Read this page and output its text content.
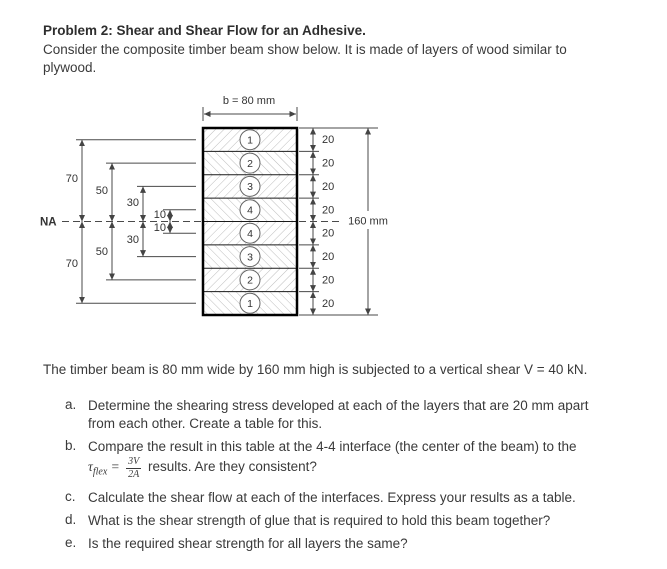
Problem 2: Shear and Shear Flow for an Adhesive.
Consider the composite timber beam show below. It is made of layers of wood similar to plywood.
1
2
3
4
4
3
2
1
b = 80 mm
20
20
20
20
20
20
20
20
160 mm
NA
70
50
30
10
10
30
50
70
The timber beam is 80 mm wide by 160 mm high is subjected to a vertical shear V = 40 kN.
a. Determine the shearing stress developed at each of the layers that are 20 mm apart from each other. Create a table for this.
b. Compare the result in this table at the 4-4 interface (the center of the beam) to the
$\tau_{flex} = \frac{3V}{2A}$ results. Are they consistent?
c. Calculate the shear flow at each of the interfaces. Express your results as a table.
d. What is the shear strength of glue that is required to hold this beam together?
e. Is the required shear strength for all layers the same?
